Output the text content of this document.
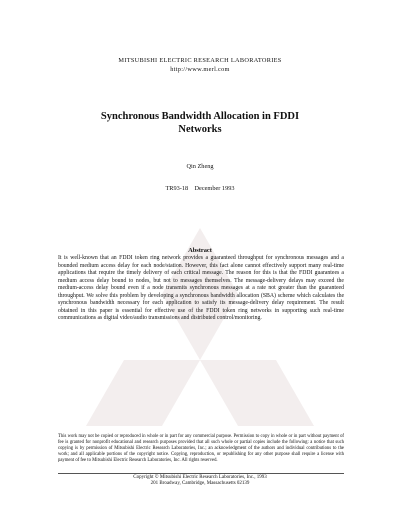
MITSUBISHI ELECTRIC RESEARCH LABORATORIES
http://www.merl.com
Synchronous Bandwidth Allocation in FDDI
Networks
Qin Zheng
TR93-18    December 1993
Abstract
It is well-known that an FDDI token ring network provides a guaranteed throughput for synchronous messages and a bounded medium access delay for each node/station. However, this fact alone cannot effectively support many real-time applications that require the timely delivery of each critical message. The reason for this is that the FDDI guarantees a medium access delay bound to nodes, but not to messages themselves. The message-delivery delays may exceed the medium-access delay bound even if a node transmits synchronous messages at a rate not greater than the guaranteed throughput. We solve this problem by developing a synchronous bandwidth allocation (SBA) scheme which calculates the synchronous bandwidth necessary for each application to satisfy its message-delivery delay requirement. The result obtained in this paper is essential for effective use of the FDDI token ring networks in supporting such real-time communications as digital video/audio transmissions and distributed control/monitoring.
This work may not be copied or reproduced in whole or in part for any commercial purpose. Permission to copy in whole or in part without payment of fee is granted for nonprofit educational and research purposes provided that all such whole or partial copies include the following: a notice that such copying is by permission of Mitsubishi Electric Research Laboratories, Inc.; an acknowledgment of the authors and individual contributions to the work; and all applicable portions of the copyright notice. Copying, reproduction, or republishing for any other purpose shall require a license with payment of fee to Mitsubishi Electric Research Laboratories, Inc. All rights reserved.
Copyright © Mitsubishi Electric Research Laboratories, Inc., 1993
201 Broadway, Cambridge, Massachusetts 02139
